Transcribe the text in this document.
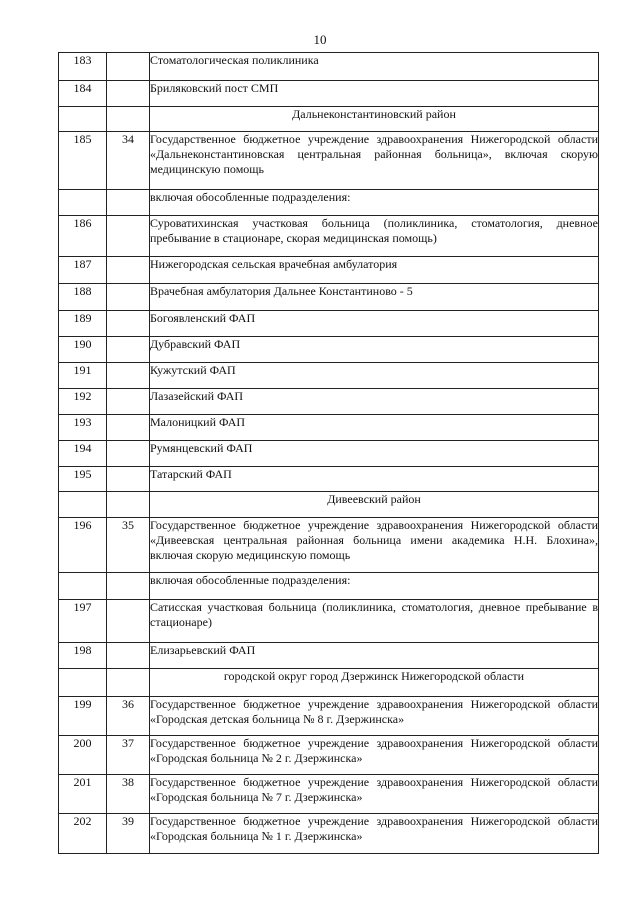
10
183		Стоматологическая поликлиника
184		Бриляковский пост СМП
		Дальнеконстантиновский район
185	34	Государственное бюджетное учреждение здравоохранения Нижегородской области «Дальнеконстантиновская центральная районная больница», включая скорую медицинскую помощь
		включая обособленные подразделения:
186		Суроватихинская участковая больница (поликлиника, стоматология, дневное пребывание в стационаре, скорая медицинская помощь)
187		Нижегородская сельская врачебная амбулатория
188		Врачебная амбулатория Дальнее Константиново - 5
189		Богоявленский ФАП
190		Дубравский ФАП
191		Кужутский ФАП
192		Лазазейский ФАП
193		Малоницкий ФАП
194		Румянцевский ФАП
195		Татарский ФАП
		Дивеевский район
196	35	Государственное бюджетное учреждение здравоохранения Нижегородской области «Дивеевская центральная районная больница имени академика Н.Н. Блохина», включая скорую медицинскую помощь
		включая обособленные подразделения:
197		Сатисская участковая больница (поликлиника, стоматология, дневное пребывание в стационаре)
198		Елизарьевский ФАП
		городской округ город Дзержинск Нижегородской области
199	36	Государственное бюджетное учреждение здравоохранения Нижегородской области «Городская детская больница № 8 г. Дзержинска»
200	37	Государственное бюджетное учреждение здравоохранения Нижегородской области «Городская больница № 2 г. Дзержинска»
201	38	Государственное бюджетное учреждение здравоохранения Нижегородской области «Городская больница № 7 г. Дзержинска»
202	39	Государственное бюджетное учреждение здравоохранения Нижегородской области «Городская больница № 1 г. Дзержинска»
